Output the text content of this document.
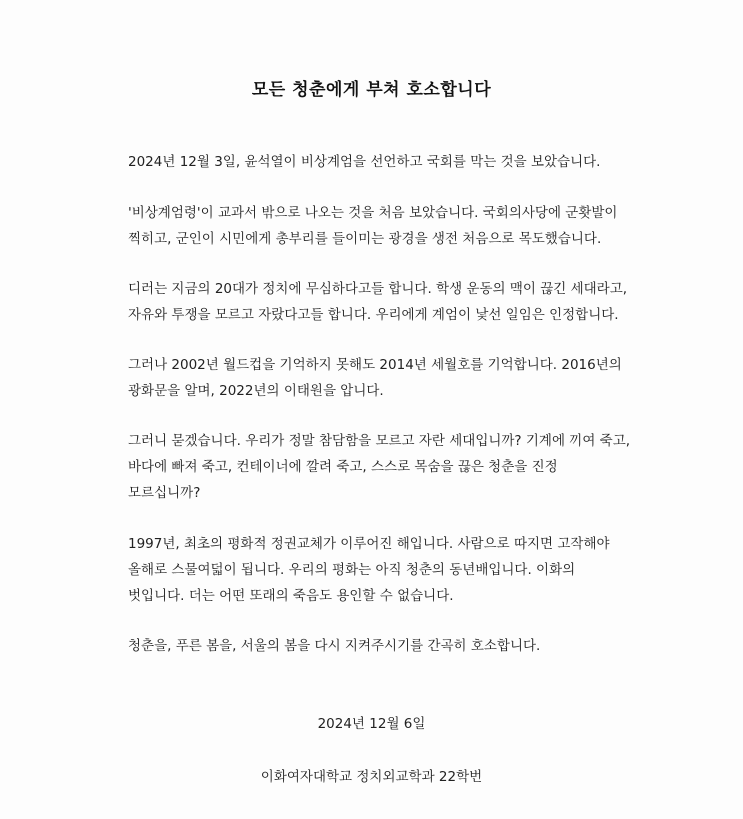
모든 청춘에게 부쳐 호소합니다
2024년 12월 3일, 윤석열이 비상계엄을 선언하고 국회를 막는 것을 보았습니다.
'비상계엄령'이 교과서 밖으로 나오는 것을 처음 보았습니다. 국회의사당에 군홧발이
찍히고, 군인이 시민에게 총부리를 들이미는 광경을 생전 처음으로 목도했습니다.
디러는 지금의 20대가 정치에 무심하다고들 합니다. 학생 운동의 맥이 끊긴 세대라고,
자유와 투쟁을 모르고 자랐다고들 합니다. 우리에게 계엄이 낯선 일임은 인정합니다.
그러나 2002년 월드컵을 기억하지 못해도 2014년 세월호를 기억합니다. 2016년의
광화문을 알며, 2022년의 이태원을 압니다.
그러니 묻겠습니다. 우리가 정말 참담함을 모르고 자란 세대입니까? 기계에 끼여 죽고,
바다에 빠져 죽고, 컨테이너에 깔려 죽고, 스스로 목숨을 끊은 청춘을 진정
모르십니까?
1997년, 최초의 평화적 정권교체가 이루어진 해입니다. 사람으로 따지면 고작해야
올해로 스물여덟이 됩니다. 우리의 평화는 아직 청춘의 동년배입니다. 이화의
벗입니다. 더는 어떤 또래의 죽음도 용인할 수 없습니다.
청춘을, 푸른 봄을, 서울의 봄을 다시 지켜주시기를 간곡히 호소합니다.
2024년 12월 6일
이화여자대학교 정치외교학과 22학번
